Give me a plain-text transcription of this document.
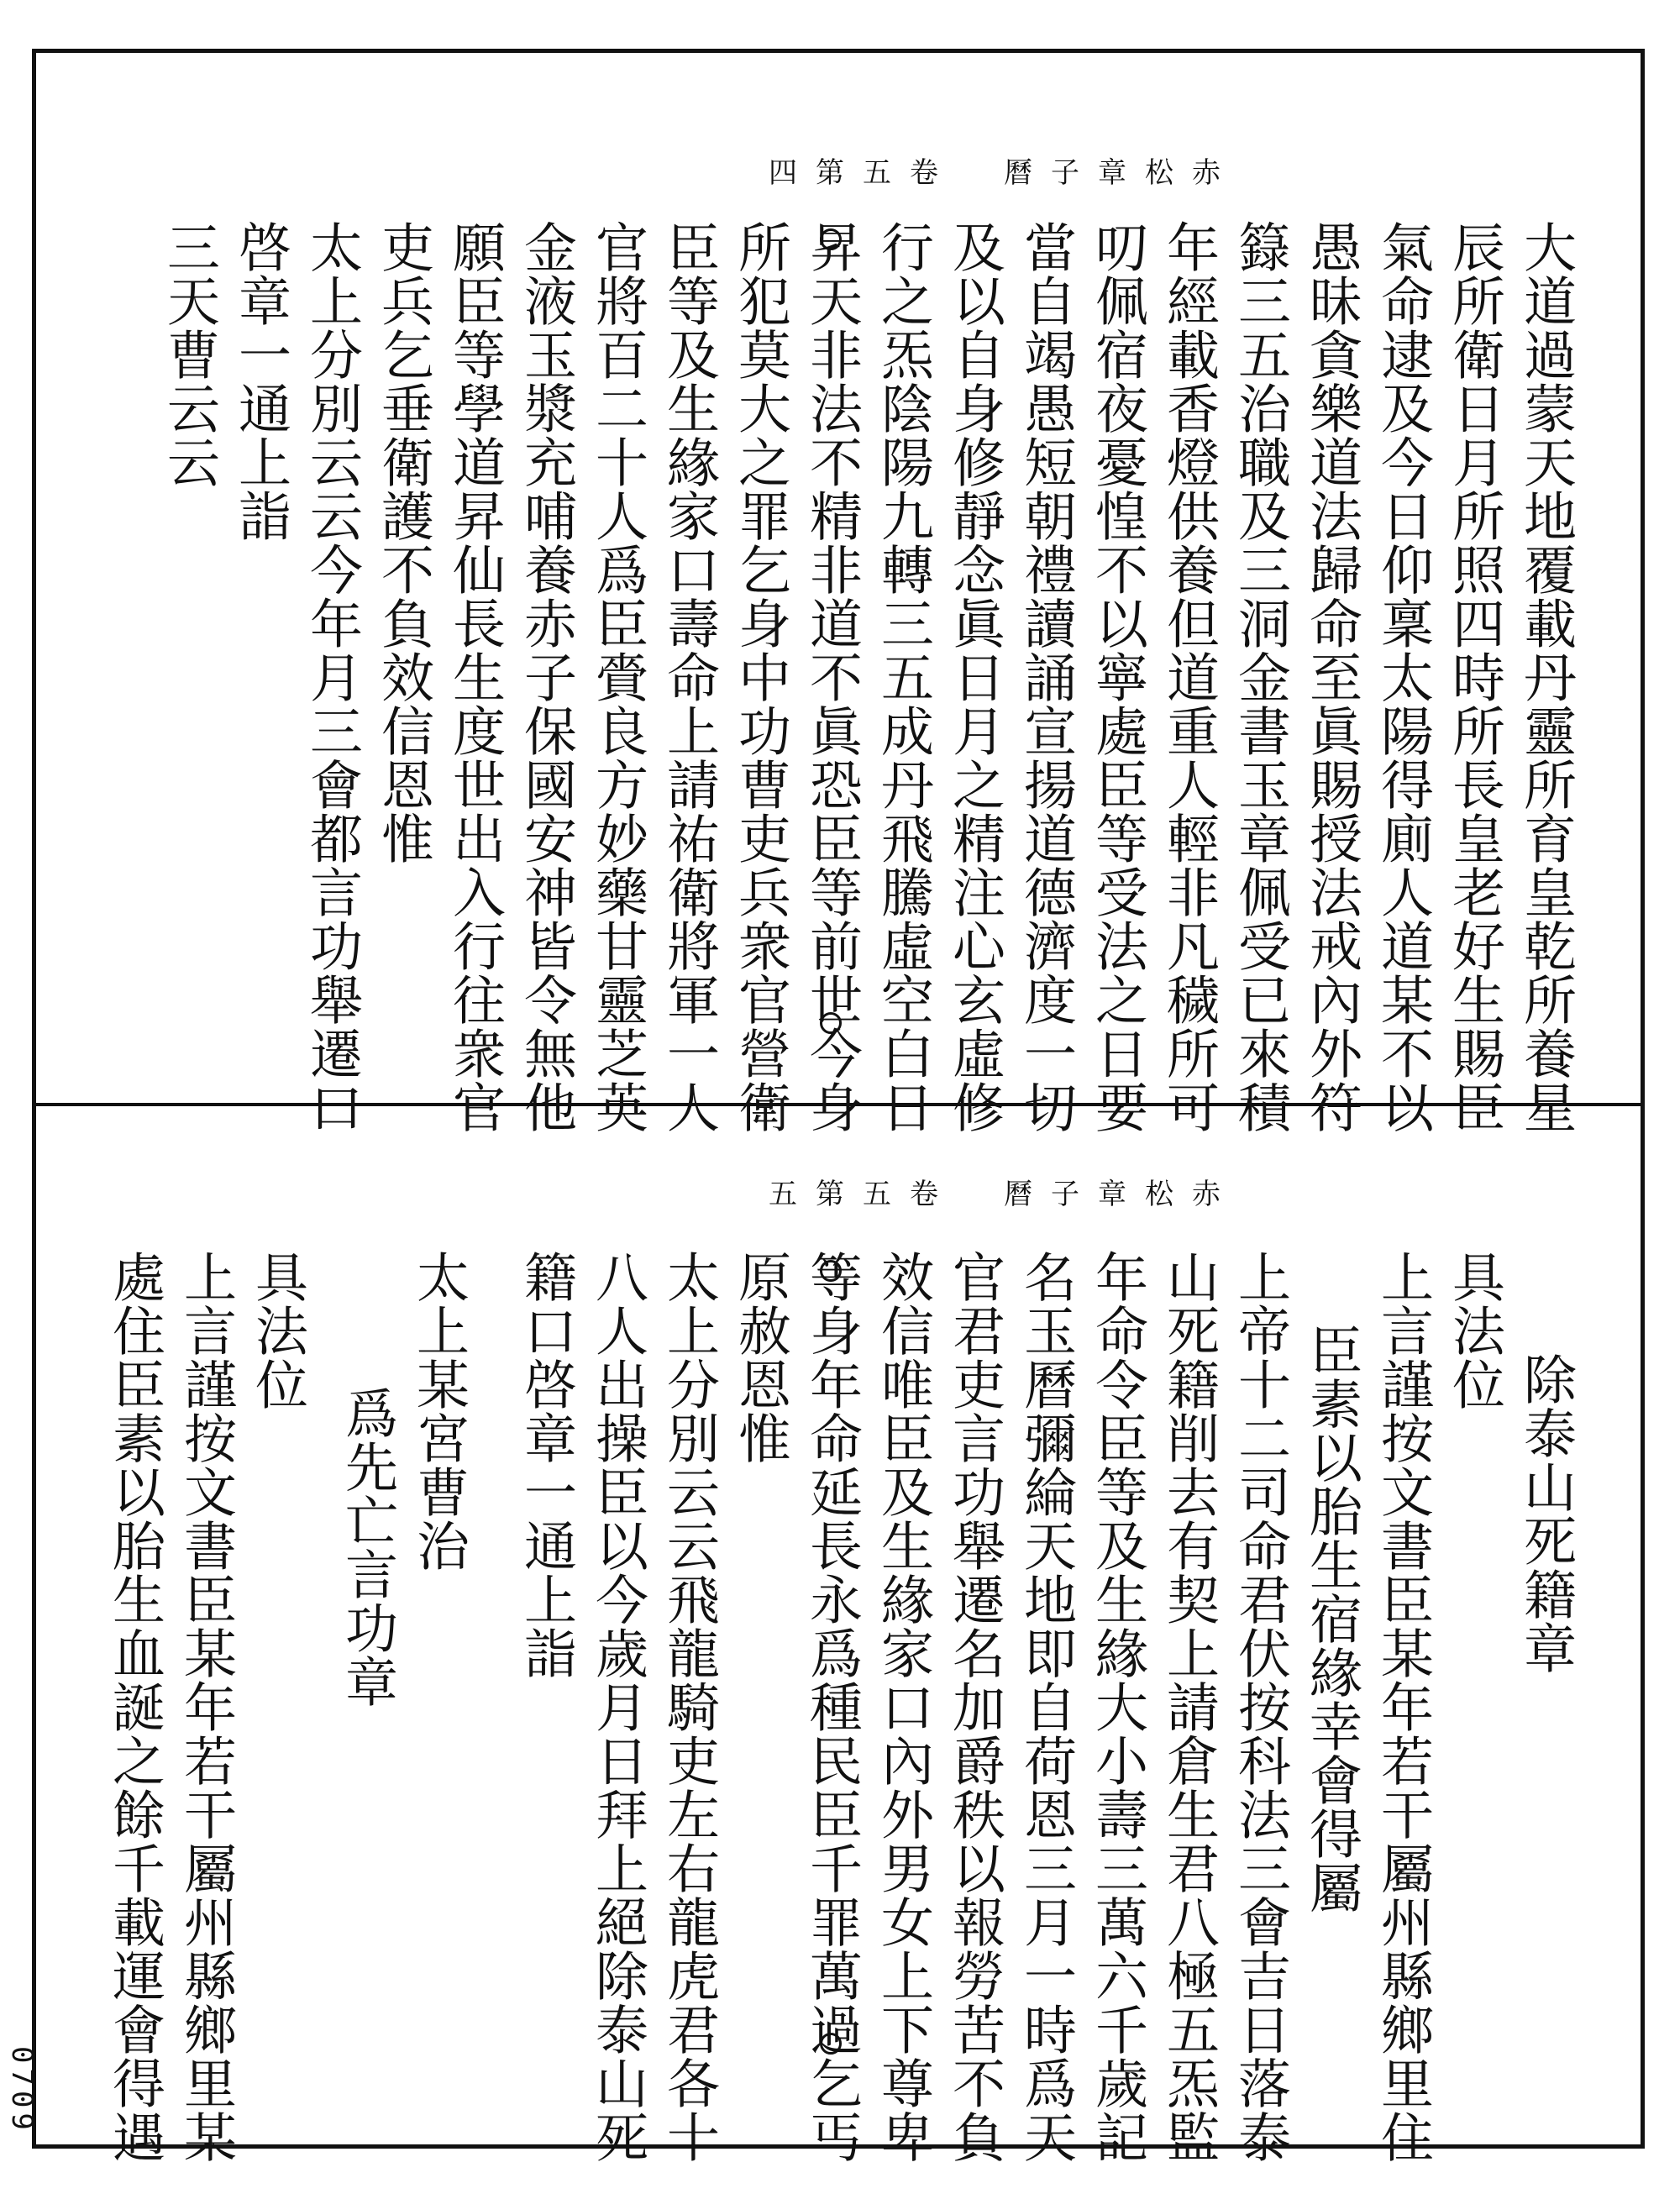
四第五卷　曆子章松赤
五第五卷　曆子章松赤
大道過蒙天地覆載丹靈所育皇乾所養星
辰所衛日月所照四時所長皇老好生賜臣
氣命逮及今日仰稟太陽得廁人道某不以
愚昧貪樂道法歸命至眞賜授法戒內外符
籙三五治職及三洞金書玉章佩受已來積
年經載香燈供養但道重人輕非凡穢所可
叨佩宿夜憂惶不以寧處臣等受法之日要
當自竭愚短朝禮讀誦宣揚道德濟度一切
及以自身修靜念眞日月之精注心玄虛修
行之炁陰陽九轉三五成丹飛騰虛空白日
昇天非法不精非道不眞恐臣等前世今身
所犯莫大之罪乞身中功曹吏兵衆官營衛
臣等及生緣家口壽命上請祐衛將軍一人
官將百二十人爲臣賫良方妙藥甘靈芝英
金液玉漿充哺養赤子保國安神皆令無他
願臣等學道昇仙長生度世出入行往衆官
吏兵乞垂衛護不負效信恩惟
太上分別云云今年月三會都言功舉遷口
啓章一通上詣
三天曹云云
除泰山死籍章
具法位
上言謹按文書臣某年若干屬州縣鄉里住
臣素以胎生宿緣幸會得屬
上帝十二司命君伏按科法三會吉日落泰
山死籍削去有契上請倉生君八極五炁監
年命令臣等及生緣大小壽三萬六千歲記
名玉曆彌綸天地即自荷恩三月一時爲天
官君吏言功舉遷名加爵秩以報勞苦不負
效信唯臣及生緣家口內外男女上下尊卑
等身年命延長永爲種民臣千罪萬過乞丐
原赦恩惟
太上分別云云飛龍騎吏左右龍虎君各十
八人出操臣以今歲月日拜上絕除泰山死
籍口啓章一通上詣
太上某宮曹治
爲先亡言功章
具法位
上言謹按文書臣某年若干屬州縣鄉里某
處住臣素以胎生血誕之餘千載運會得遇
0709
